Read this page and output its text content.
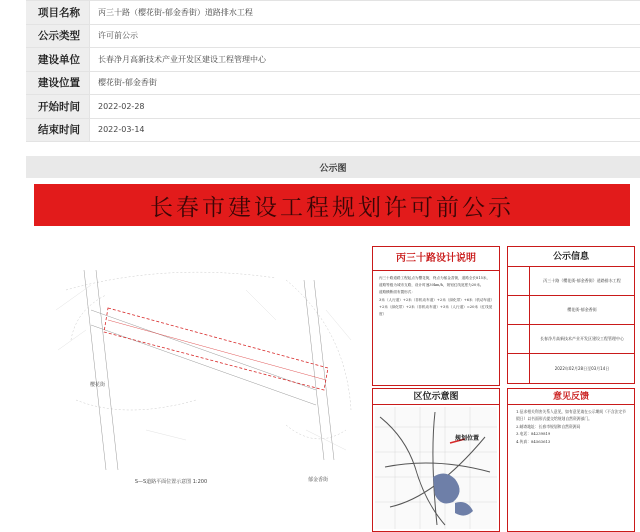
项目名称	丙三十路（樱花街-郁金香街）道路排水工程
公示类型	许可前公示
建设单位	长春净月高新技术产业开发区建设工程管理中心
建设位置	樱花街-郁金香街
开始时间	2022-02-28
结束时间	2022-03-14
公示图
长春市建设工程规划许可前公示
樱花街
郁金香街
S—S道路平面位置示意图 1:200
丙三十路设计说明

丙三十路道路工程起点为樱花街，终点为郁金香街，道路全长815米，道路等级为城市支路，设计时速30km/h，规划红线宽度为20米。

道路横断面布置形式：

3米（人行道）+2米（非机动车道）+2米（绿化带）+6米（机动车道）+2米（绿化带）+2米（非机动车道）+3米（人行道）=20米（红线宽度）

公示信息
丙三十路（樱花街-郁金香街）道路排水工程
樱花街-郁金香街
长春净月高新技术产业开发区建设工程管理中心
2022年02月28日至03月14日
区位示意图
规划位置
意见反馈

1.征求相关利害关系人意见，如有意见请在公示期间（不含法定节假日）以书面形式提交给规划自然资源部门。

2.邮寄地址：长春市规划和自然资源局

3.电话：84239819

4.传真：84563613
